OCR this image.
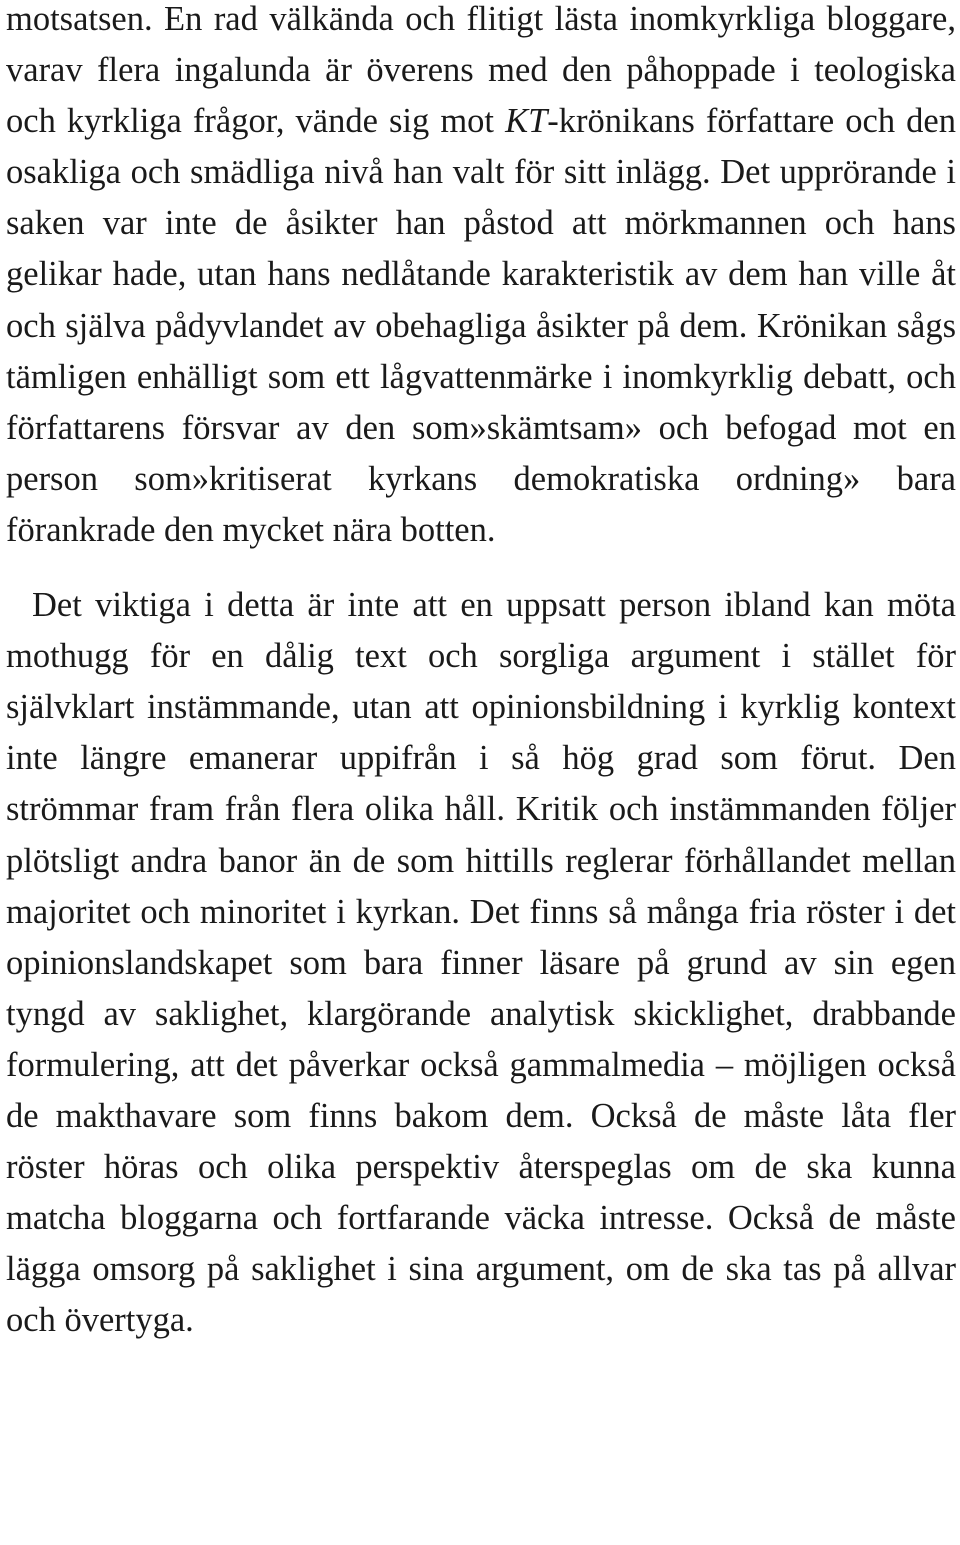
motsatsen. En rad välkända och flitigt lästa inomkyrkliga bloggare, varav flera ingalunda är överens med den påhoppade i teologiska och kyrkliga frågor, vände sig mot KT-krönikans författare och den osakliga och smädliga nivå han valt för sitt inlägg. Det upprörande i saken var inte de åsikter han påstod att mörkmannen och hans gelikar hade, utan hans nedlåtande karakteristik av dem han ville åt och själva pådyvlandet av obehagliga åsikter på dem. Krönikan sågs tämligen enhälligt som ett lågvattenmärke i inomkyrklig debatt, och författarens försvar av den som»skämtsam» och befogad mot en person som»kritiserat kyrkans demokratiska ordning» bara förankrade den mycket nära botten.

Det viktiga i detta är inte att en uppsatt person ibland kan möta mothugg för en dålig text och sorgliga argument i stället för självklart instämmande, utan att opinionsbildning i kyrklig kontext inte längre emanerar uppifrån i så hög grad som förut. Den strömmar fram från flera olika håll. Kritik och instämmanden följer plötsligt andra banor än de som hittills reglerar förhållandet mellan majoritet och minoritet i kyrkan. Det finns så många fria röster i det opinionslandskapet som bara finner läsare på grund av sin egen tyngd av saklighet, klargörande analytisk skicklighet, drabbande formulering, att det påverkar också gammalmedia – möjligen också de makthavare som finns bakom dem. Också de måste låta fler röster höras och olika perspektiv återspeglas om de ska kunna matcha bloggarna och fortfarande väcka intresse. Också de måste lägga omsorg på saklighet i sina argument, om de ska tas på allvar och övertyga.
